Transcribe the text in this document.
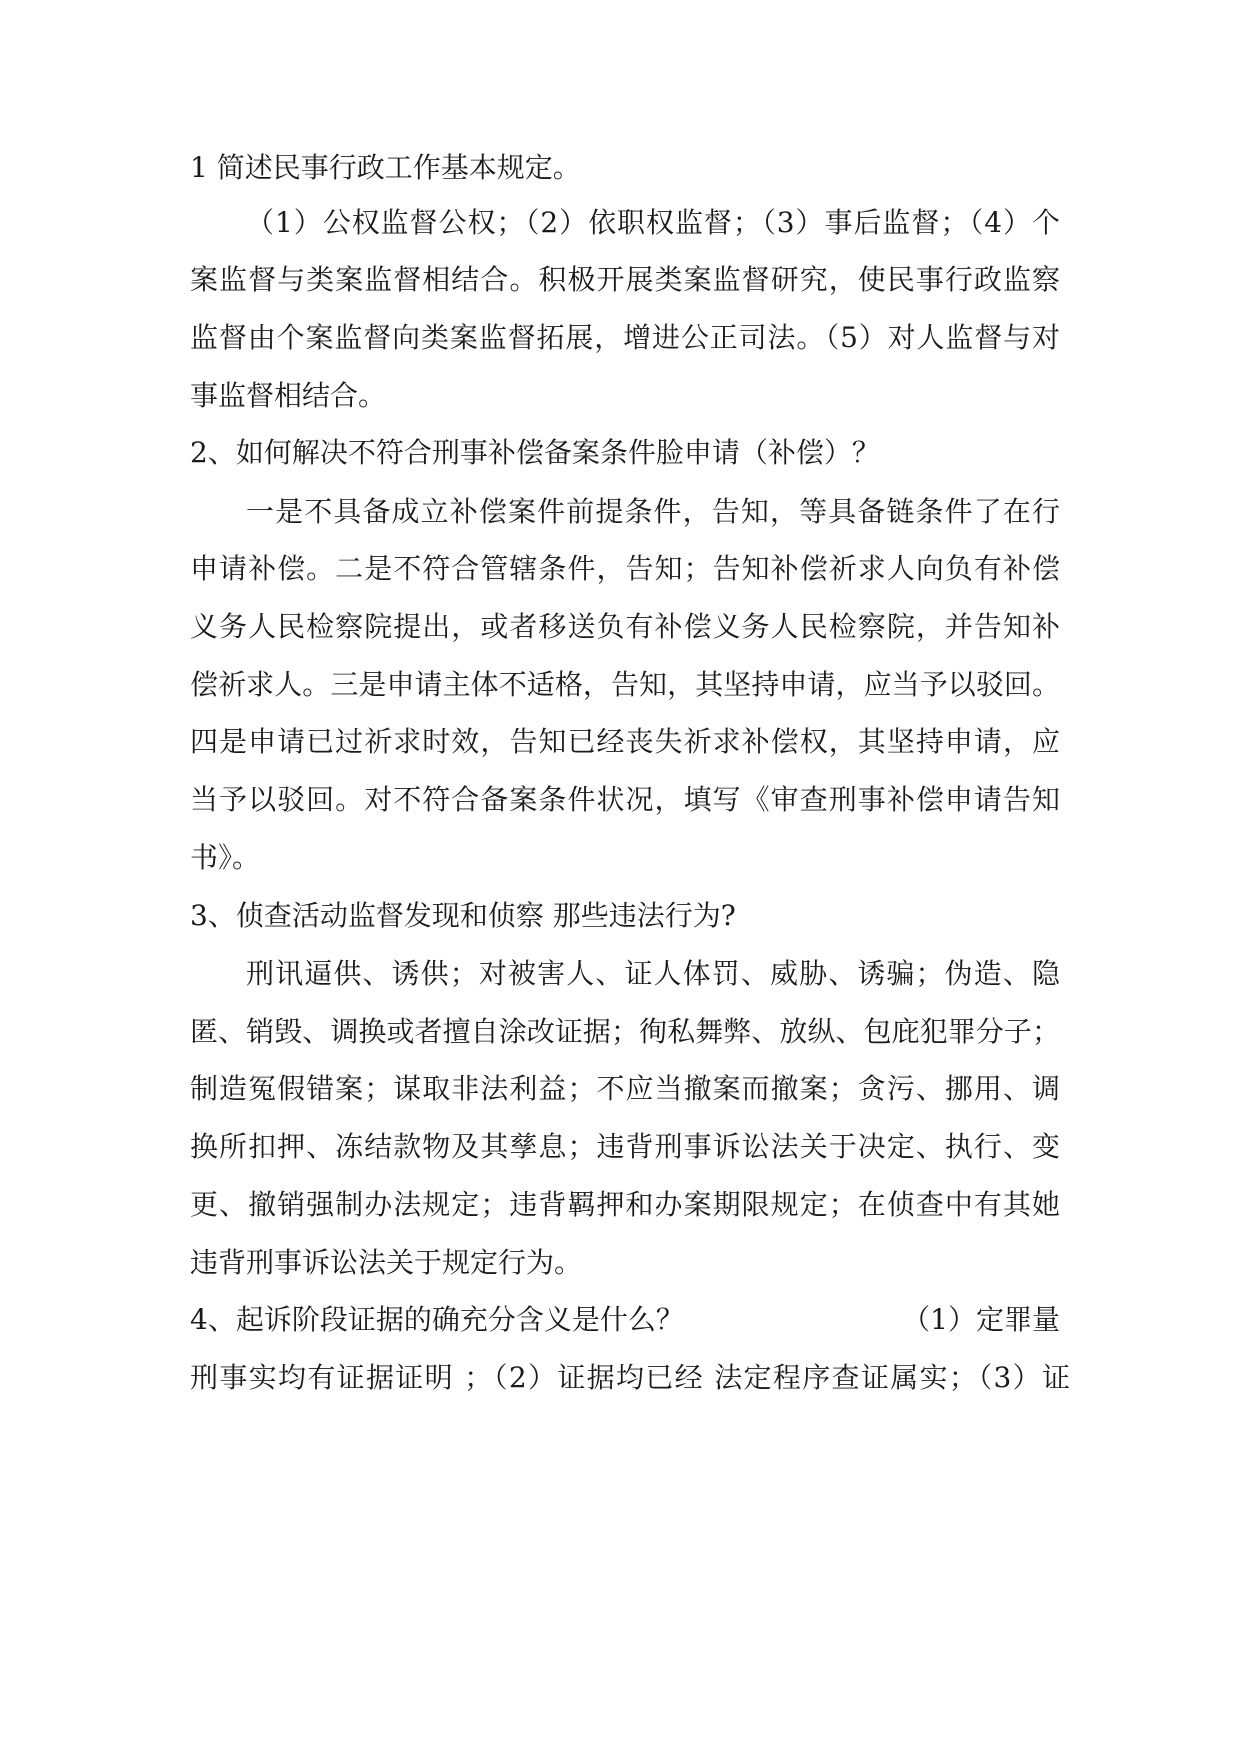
1 简述民事行政工作基本规定。
（1）公权监督公权；（2）依职权监督；（3）事后监督；（4）个
案监督与类案监督相结合。积极开展类案监督研究，使民事行政监察
监督由个案监督向类案监督拓展，增进公正司法。（5）对人监督与对
事监督相结合。
2、如何解决不符合刑事补偿备案条件脸申请（补偿）？
一是不具备成立补偿案件前提条件，告知，等具备链条件了在行
申请补偿。二是不符合管辖条件，告知；告知补偿祈求人向负有补偿
义务人民检察院提出，或者移送负有补偿义务人民检察院，并告知补
偿祈求人。三是申请主体不适格，告知，其坚持申请，应当予以驳回。
四是申请已过祈求时效，告知已经丧失祈求补偿权，其坚持申请，应
当予以驳回。对不符合备案条件状况，填写《审查刑事补偿申请告知
书》。
3、侦查活动监督发现和侦察 那些违法行为?
刑讯逼供、诱供；对被害人、证人体罚、威胁、诱骗；伪造、隐
匿、销毁、调换或者擅自涂改证据；徇私舞弊、放纵、包庇犯罪分子；
制造冤假错案；谋取非法利益；不应当撤案而撤案；贪污、挪用、调
换所扣押、冻结款物及其孳息；违背刑事诉讼法关于决定、执行、变
更、撤销强制办法规定；违背羁押和办案期限规定；在侦查中有其她
违背刑事诉讼法关于规定行为。
4、起诉阶段证据的确充分含义是什么？	（1）定罪量
刑事实均有证据证明 ；（2）证据均已经 法定程序查证属实；（3）证
